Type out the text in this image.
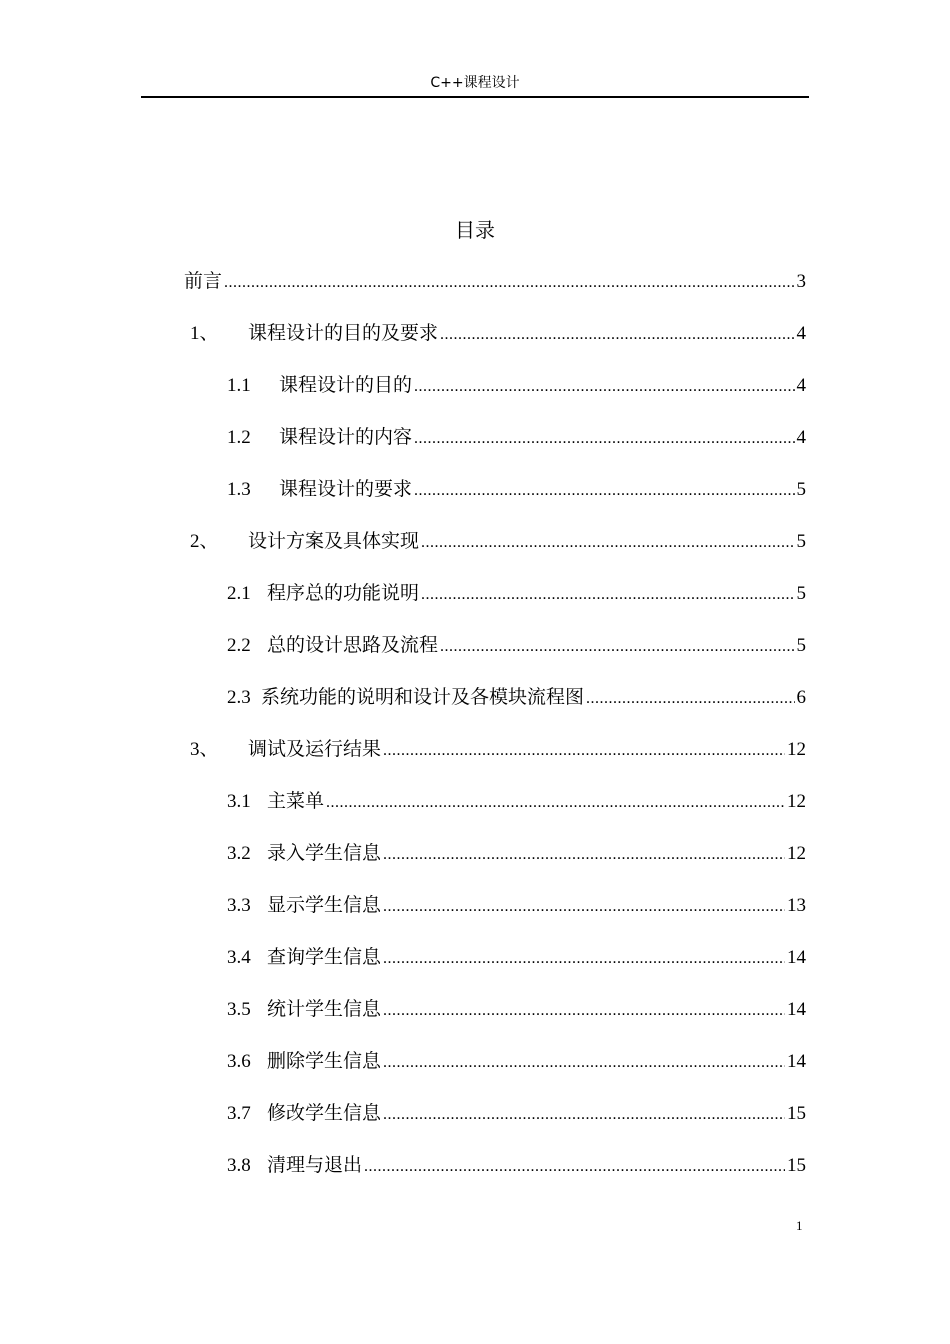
C++课程设计
目录
前言 .....	3
1、	课程设计的目的及要求 .....	4
1.1	课程设计的目的 .....	4
1.2	课程设计的内容 .....	4
1.3	课程设计的要求 .....	5
2、	设计方案及具体实现 .....	5
2.1 程序总的功能说明 .....	5
2.2 总的设计思路及流程 .....	5
2.3 系统功能的说明和设计及各模块流程图 .....	6
3、	调试及运行结果 .....	12
3.1 主菜单 .....	12
3.2 录入学生信息 .....	12
3.3 显示学生信息 .....	13
3.4 查询学生信息 .....	14
3.5 统计学生信息 .....	14
3.6 删除学生信息 .....	14
3.7 修改学生信息 .....	15
3.8 清理与退出 .....	15
1
